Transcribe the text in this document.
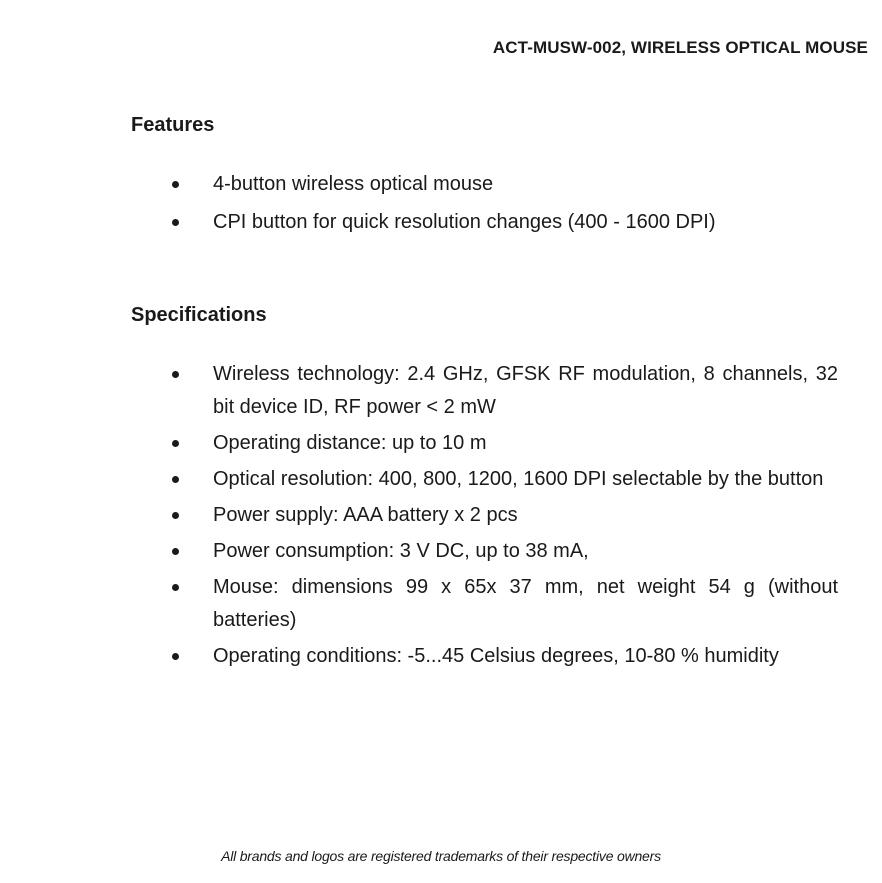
ACT-MUSW-002, WIRELESS OPTICAL MOUSE
Features
4-button wireless optical mouse
CPI button for quick resolution changes (400 - 1600 DPI)
Specifications
Wireless technology: 2.4 GHz, GFSK RF modulation, 8 channels, 32 bit device ID, RF power < 2 mW
Operating distance: up to 10 m
Optical resolution: 400, 800, 1200, 1600 DPI selectable by the button
Power supply: AAA battery x 2 pcs
Power consumption: 3 V DC, up to 38 mA,
Mouse: dimensions 99 x 65x 37 mm, net weight 54 g (without batteries)
Operating conditions: -5...45 Celsius degrees, 10-80 % humidity
All brands and logos are registered trademarks of their respective owners
